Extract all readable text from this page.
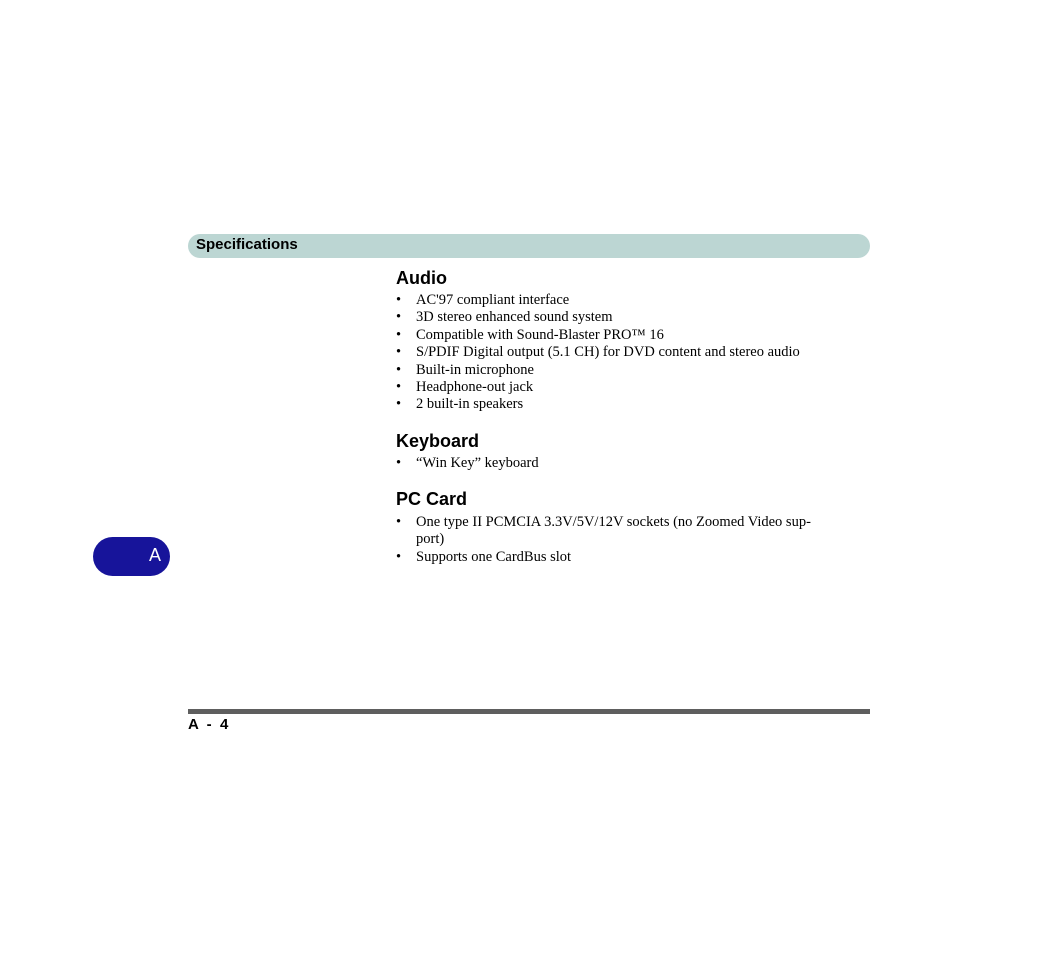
Specifications
Audio
• AC'97 compliant interface
• 3D stereo enhanced sound system
• Compatible with Sound-Blaster PRO™ 16
• S/PDIF Digital output (5.1 CH) for DVD content and stereo audio
• Built-in microphone
• Headphone-out jack
• 2 built-in speakers
Keyboard
• “Win Key” keyboard
PC Card
• One type II PCMCIA 3.3V/5V/12V sockets (no Zoomed Video sup-port)
• Supports one CardBus slot
A
A  -  4
